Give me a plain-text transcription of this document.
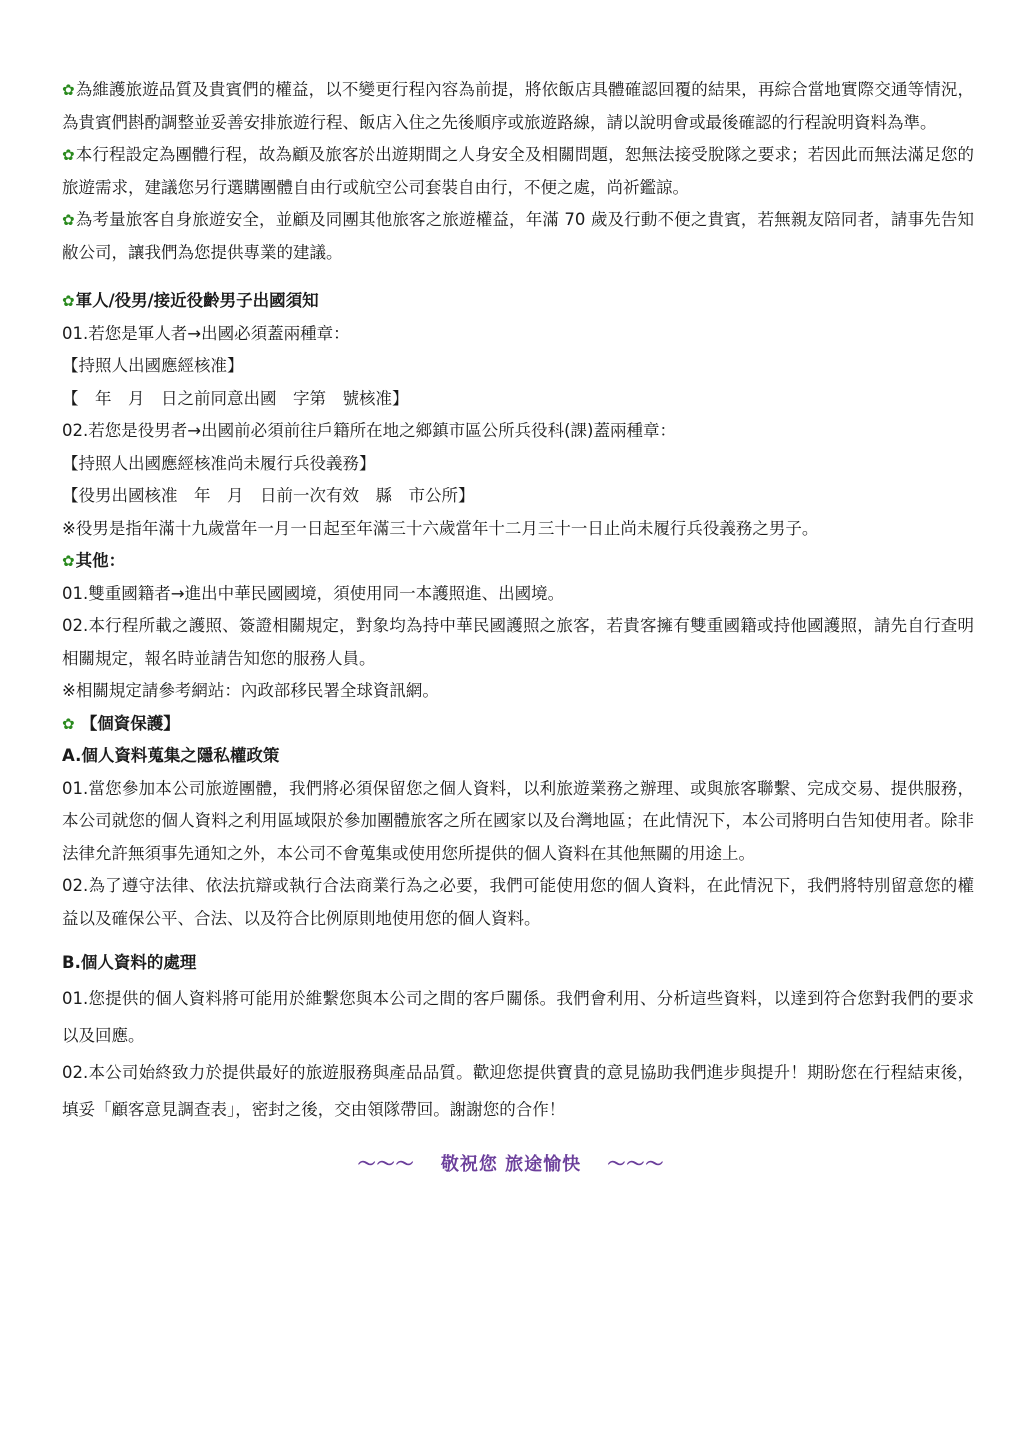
✿為維護旅遊品質及貴賓們的權益，以不變更行程內容為前提，將依飯店具體確認回覆的結果，再綜合當地實際交通等情況，為貴賓們斟酌調整並妥善安排旅遊行程、飯店入住之先後順序或旅遊路線，請以說明會或最後確認的行程說明資料為準。

✿本行程設定為團體行程，故為顧及旅客於出遊期間之人身安全及相關問題，恕無法接受脫隊之要求；若因此而無法滿足您的旅遊需求，建議您另行選購團體自由行或航空公司套裝自由行，不便之處，尚祈鑑諒。

✿為考量旅客自身旅遊安全，並顧及同團其他旅客之旅遊權益，年滿 70 歲及行動不便之貴賓，若無親友陪同者，請事先告知敝公司，讓我們為您提供專業的建議。

✿軍人/役男/接近役齡男子出國須知

01.若您是軍人者→出國必須蓋兩種章：

【持照人出國應經核准】

【　年　月　日之前同意出國　字第　號核准】

02.若您是役男者→出國前必須前往戶籍所在地之鄉鎮市區公所兵役科(課)蓋兩種章：

【持照人出國應經核准尚未履行兵役義務】

【役男出國核准　年　月　日前一次有效　縣　市公所】

※役男是指年滿十九歲當年一月一日起至年滿三十六歲當年十二月三十一日止尚未履行兵役義務之男子。

✿其他：

01.雙重國籍者→進出中華民國國境，須使用同一本護照進、出國境。

02.本行程所載之護照、簽證相關規定，對象均為持中華民國護照之旅客，若貴客擁有雙重國籍或持他國護照，請先自行查明相關規定，報名時並請告知您的服務人員。

※相關規定請參考網站：內政部移民署全球資訊網。

✿ 【個資保護】

A.個人資料蒐集之隱私權政策

01.當您參加本公司旅遊團體，我們將必須保留您之個人資料，以利旅遊業務之辦理、或與旅客聯繫、完成交易、提供服務，本公司就您的個人資料之利用區域限於參加團體旅客之所在國家以及台灣地區；在此情況下，本公司將明白告知使用者。除非法律允許無須事先通知之外，本公司不會蒐集或使用您所提供的個人資料在其他無關的用途上。

02.為了遵守法律、依法抗辯或執行合法商業行為之必要，我們可能使用您的個人資料，在此情況下，我們將特別留意您的權益以及確保公平、合法、以及符合比例原則地使用您的個人資料。

B.個人資料的處理

01.您提供的個人資料將可能用於維繫您與本公司之間的客戶關係。我們會利用、分析這些資料，以達到符合您對我們的要求以及回應。

02.本公司始終致力於提供最好的旅遊服務與產品品質。歡迎您提供寶貴的意見協助我們進步與提升！期盼您在行程結束後，填妥「顧客意見調查表」，密封之後，交由領隊帶回。謝謝您的合作！

～～～　 敬祝您 旅途愉快　 ～～～
